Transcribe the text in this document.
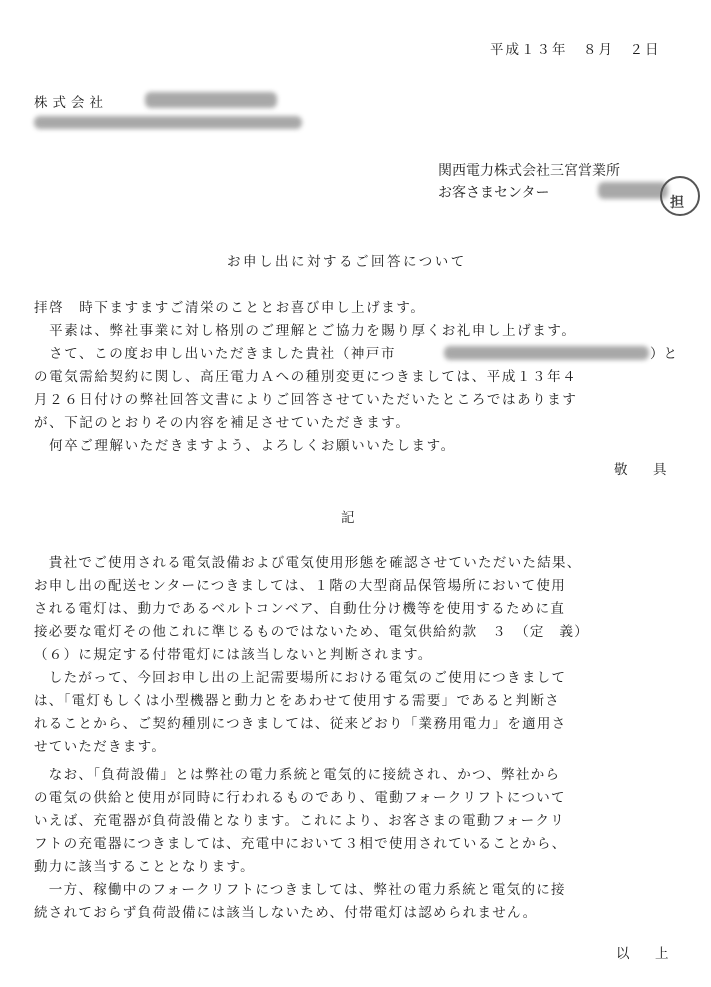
平成１３年　８月　２日
株式会社
関西電力株式会社三宮営業所
お客さまセンター
担
お申し出に対するご回答について
拝啓　時下ますますご清栄のこととお喜び申し上げます。
　平素は、弊社事業に対し格別のご理解とご協力を賜り厚くお礼申し上げます。
　さて、この度お申し出いただきました貴社（神戸市	）と
の電気需給契約に関し、高圧電力Ａへの種別変更につきましては、平成１３年４
月２６日付けの弊社回答文書によりご回答させていただいたところではあります
が、下記のとおりその内容を補足させていただきます。
　何卒ご理解いただきますよう、よろしくお願いいたします。
敬　具
記
　貴社でご使用される電気設備および電気使用形態を確認させていただいた結果、
お申し出の配送センターにつきましては、１階の大型商品保管場所において使用
される電灯は、動力であるベルトコンベア、自動仕分け機等を使用するために直
接必要な電灯その他これに準じるものではないため、電気供給約款　３　（定　義）
（６）に規定する付帯電灯には該当しないと判断されます。
　したがって、今回お申し出の上記需要場所における電気のご使用につきまして
は、「電灯もしくは小型機器と動力とをあわせて使用する需要」であると判断さ
れることから、ご契約種別につきましては、従来どおり「業務用電力」を適用さ
せていただきます。
　なお、「負荷設備」とは弊社の電力系統と電気的に接続され、かつ、弊社から
の電気の供給と使用が同時に行われるものであり、電動フォークリフトについて
いえば、充電器が負荷設備となります。これにより、お客さまの電動フォークリ
フトの充電器につきましては、充電中において３相で使用されていることから、
動力に該当することとなります。
　一方、稼働中のフォークリフトにつきましては、弊社の電力系統と電気的に接
続されておらず負荷設備には該当しないため、付帯電灯は認められません。
以　上
